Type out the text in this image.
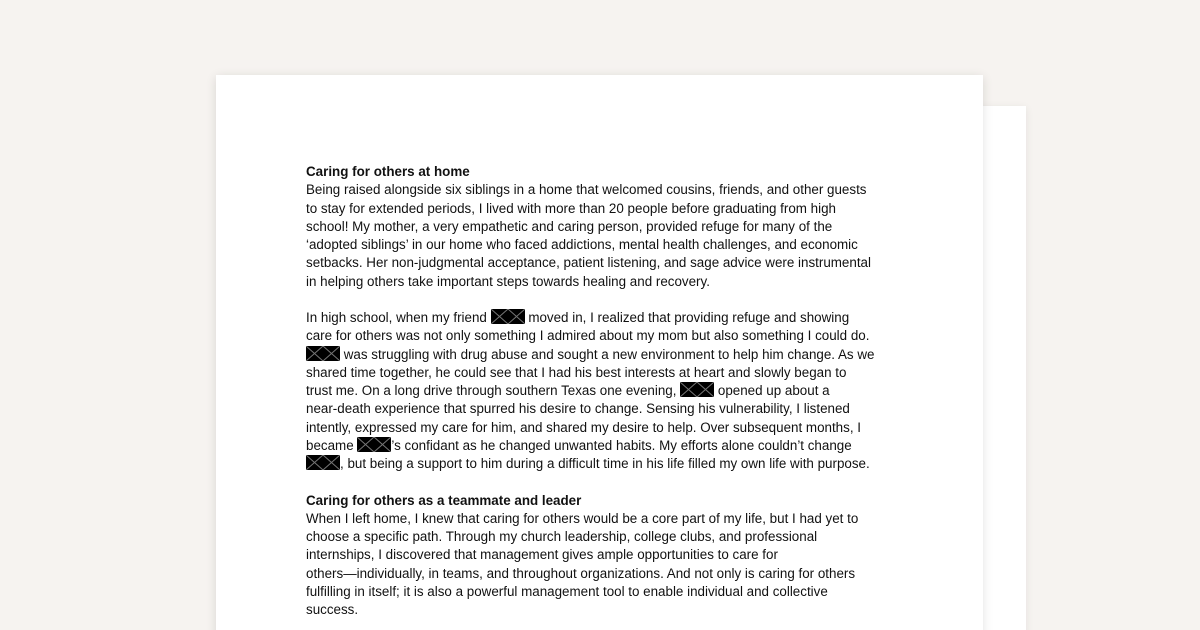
Caring for others at home
Being raised alongside six siblings in a home that welcomed cousins, friends, and other guests
to stay for extended periods, I lived with more than 20 people before graduating from high
school! My mother, a very empathetic and caring person, provided refuge for many of the
‘adopted siblings’ in our home who faced addictions, mental health challenges, and economic
setbacks. Her non-judgmental acceptance, patient listening, and sage advice were instrumental
in helping others take important steps towards healing and recovery.
In high school, when my friend	moved in, I realized that providing refuge and showing
care for others was not only something I admired about my mom but also something I could do.
was struggling with drug abuse and sought a new environment to help him change. As we
shared time together, he could see that I had his best interests at heart and slowly began to
trust me. On a long drive through southern Texas one evening,	opened up about a
near-death experience that spurred his desire to change. Sensing his vulnerability, I listened
intently, expressed my care for him, and shared my desire to help. Over subsequent months, I
became	’s confidant as he changed unwanted habits. My efforts alone couldn’t change
, but being a support to him during a difficult time in his life filled my own life with purpose.
Caring for others as a teammate and leader
When I left home, I knew that caring for others would be a core part of my life, but I had yet to
choose a specific path. Through my church leadership, college clubs, and professional
internships, I discovered that management gives ample opportunities to care for
others—individually, in teams, and throughout organizations. And not only is caring for others
fulfilling in itself; it is also a powerful management tool to enable individual and collective
success.
